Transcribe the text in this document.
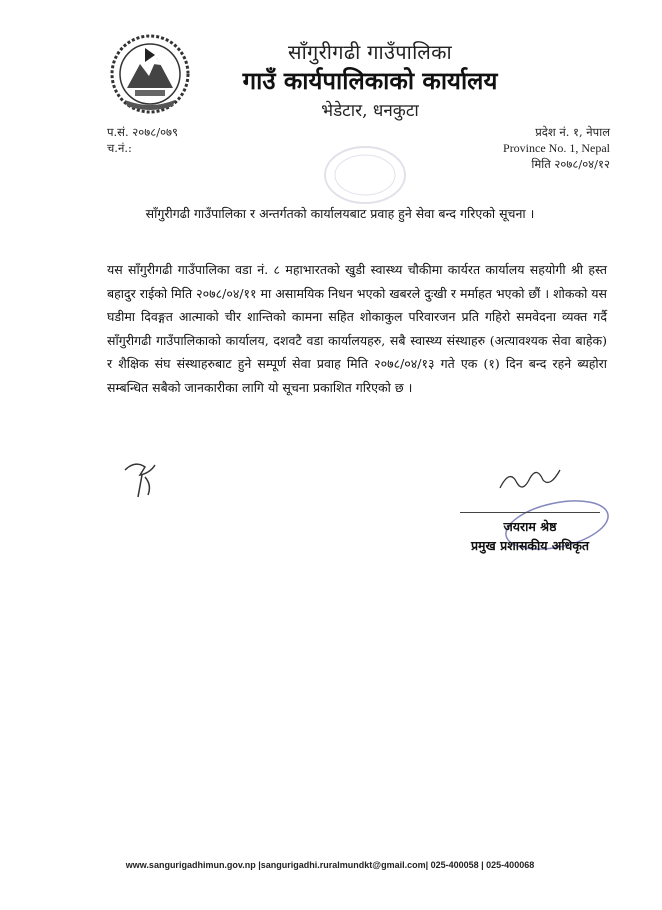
साँगुरीगढी गाउँपालिका
गाउँ कार्यपालिकाको कार्यालय
भेडेटार, धनकुटा
प.सं. २०७८/०७९
च.नं.:
प्रदेश नं. १, नेपाल
Province No. 1, Nepal
मिति २०७८/०४/१२
साँगुरीगढी गाउँपालिका र अन्तर्गतको कार्यालयबाट प्रवाह हुने सेवा बन्द गरिएको सूचना ।
यस साँगुरीगढी गाउँपालिका वडा नं. ८ महाभारतको खुडी स्वास्थ्य चौकीमा कार्यरत कार्यालय सहयोगी श्री हस्त बहादुर राईको मिति २०७८/०४/११ मा असामयिक निधन भएको खबरले दुःखी र मर्माहत भएको छौं । शोकको यस घडीमा दिवङ्गत आत्माको चीर शान्तिको कामना सहित शोकाकुल परिवारजन प्रति गहिरो समवेदना व्यक्त गर्दै साँगुरीगढी गाउँपालिकाको कार्यालय, दशवटै वडा कार्यालयहरु, सबै स्वास्थ्य संस्थाहरु (अत्यावश्यक सेवा बाहेक) र शैक्षिक संघ संस्थाहरुबाट हुने सम्पूर्ण सेवा प्रवाह मिति २०७८/०४/१३ गते एक (१) दिन बन्द रहने ब्यहोरा सम्बन्धित सबैको जानकारीका लागि यो सूचना प्रकाशित गरिएको छ ।
जयराम श्रेष्ठ
प्रमुख प्रशासकीय अधिकृत
www.sangurigadhimun.gov.np |sangurigadhi.ruralmundkt@gmail.com| 025-400058 | 025-400068
